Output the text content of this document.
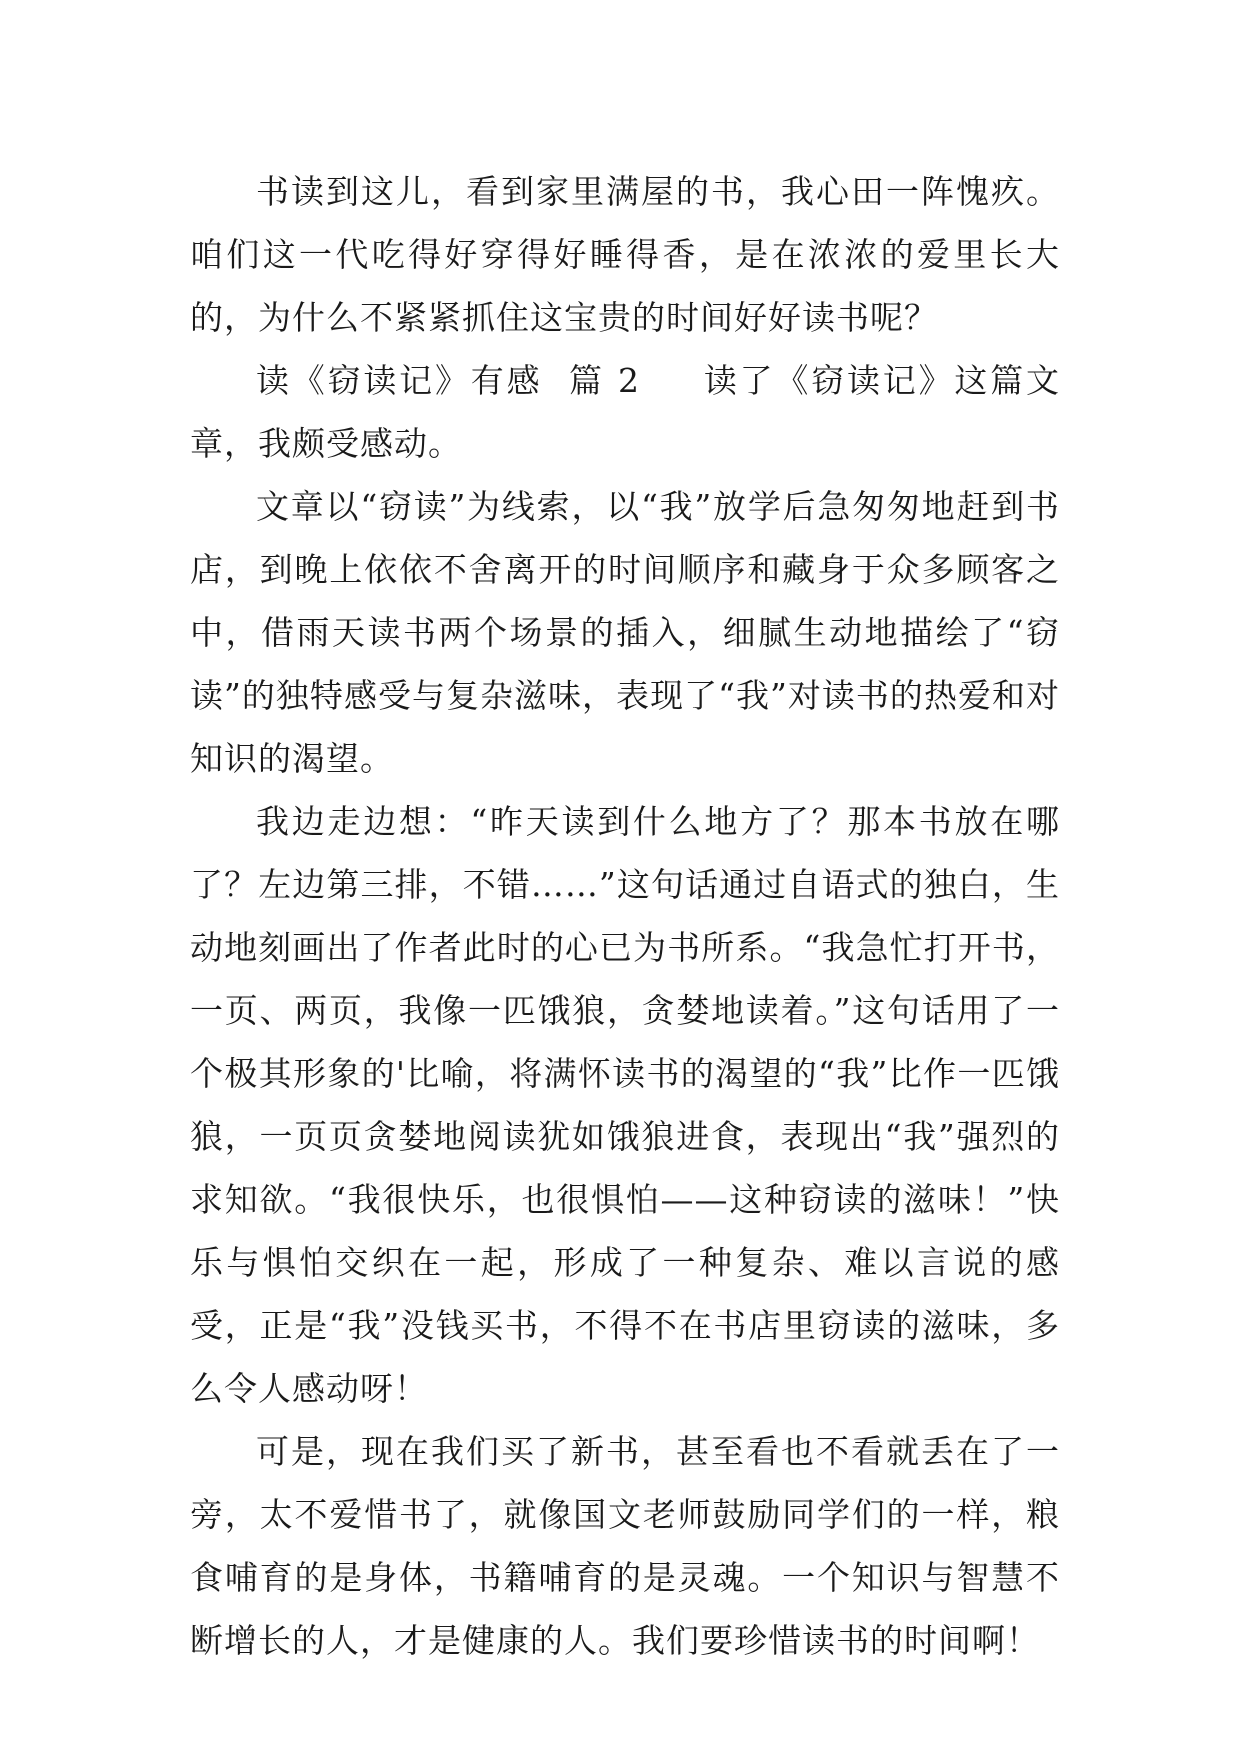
书读到这儿，看到家里满屋的书，我心田一阵愧疚。咱们这一代吃得好穿得好睡得香，是在浓浓的爱里长大的，为什么不紧紧抓住这宝贵的时间好好读书呢？

读《窃读记》有感 篇 2 读了《窃读记》这篇文章，我颇受感动。

文章以“窃读”为线索，以“我”放学后急匆匆地赶到书店，到晚上依依不舍离开的时间顺序和藏身于众多顾客之中，借雨天读书两个场景的插入，细腻生动地描绘了“窃读”的独特感受与复杂滋味，表现了“我”对读书的热爱和对知识的渴望。

我边走边想：“昨天读到什么地方了？那本书放在哪了？左边第三排，不错……”这句话通过自语式的独白，生动地刻画出了作者此时的心已为书所系。“我急忙打开书，一页、两页，我像一匹饿狼，贪婪地读着。”这句话用了一个极其形象的'比喻，将满怀读书的渴望的“我”比作一匹饿狼，一页页贪婪地阅读犹如饿狼进食，表现出“我”强烈的求知欲。“我很快乐，也很惧怕——这种窃读的滋味！”快乐与惧怕交织在一起，形成了一种复杂、难以言说的感受，正是“我”没钱买书，不得不在书店里窃读的滋味，多么令人感动呀！

可是，现在我们买了新书，甚至看也不看就丢在了一旁，太不爱惜书了，就像国文老师鼓励同学们的一样，粮食哺育的是身体，书籍哺育的是灵魂。一个知识与智慧不断增长的人，才是健康的人。我们要珍惜读书的时间啊！
